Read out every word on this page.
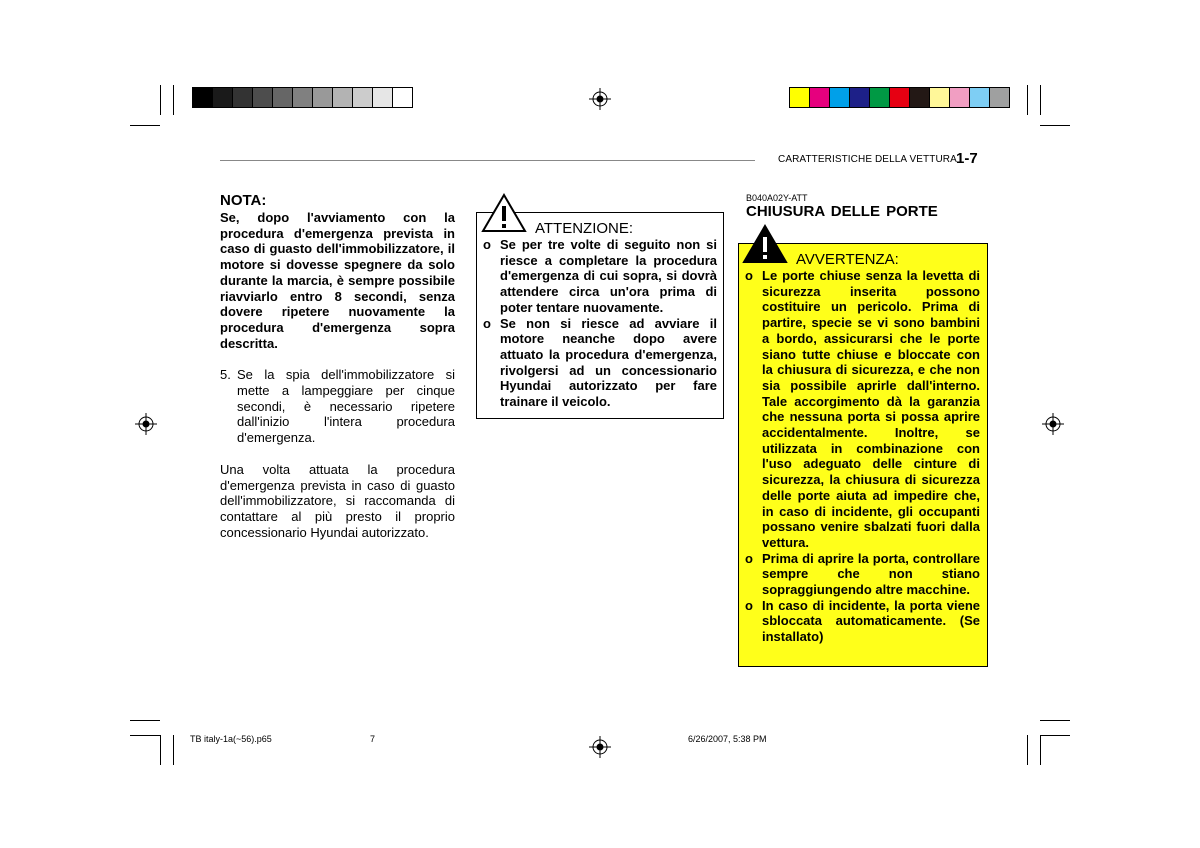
CARATTERISTICHE DELLA VETTURA 1-7
NOTA:
Se, dopo l'avviamento con la procedura d'emergenza prevista in caso di guasto dell'immobilizzatore, il motore si dovesse spegnere da solo durante la marcia, è sempre possibile riavviarlo entro 8 secondi, senza dovere ripetere nuovamente la procedura d'emergenza sopra descritta.
5. Se la spia dell'immobilizzatore si mette a lampeggiare per cinque secondi, è necessario ripetere dall'inizio l'intera procedura d'emergenza.
Una volta attuata la procedura d'emergenza prevista in caso di guasto dell'immobilizzatore, si raccomanda di contattare al più presto il proprio concessionario Hyundai autorizzato.
ATTENZIONE:
o Se per tre volte di seguito non si riesce a completare la procedura d'emergenza di cui sopra, si dovrà attendere circa un'ora prima di poter tentare nuovamente.
o Se non si riesce ad avviare il motore neanche dopo avere attuato la procedura d'emergenza, rivolgersi ad un concessionario Hyundai autorizzato per fare trainare il veicolo.
B040A02Y-ATT
CHIUSURA DELLE PORTE
AVVERTENZA:
o Le porte chiuse senza la levetta di sicurezza inserita possono costituire un pericolo. Prima di partire, specie se vi sono bambini a bordo, assicurarsi che le porte siano tutte chiuse e bloccate con la chiusura di sicurezza, e che non sia possibile aprirle dall'interno. Tale accorgimento dà la garanzia che nessuna porta si possa aprire accidentalmente. Inoltre, se utilizzata in combinazione con l'uso adeguato delle cinture di sicurezza, la chiusura di sicurezza delle porte aiuta ad impedire che, in caso di incidente, gli occupanti possano venire sbalzati fuori dalla vettura.
o Prima di aprire la porta, controllare sempre che non stiano sopraggiungendo altre macchine.
o In caso di incidente, la porta viene sbloccata automaticamente. (Se installato)
TB italy-1a(~56).p65	7	6/26/2007, 5:38 PM
